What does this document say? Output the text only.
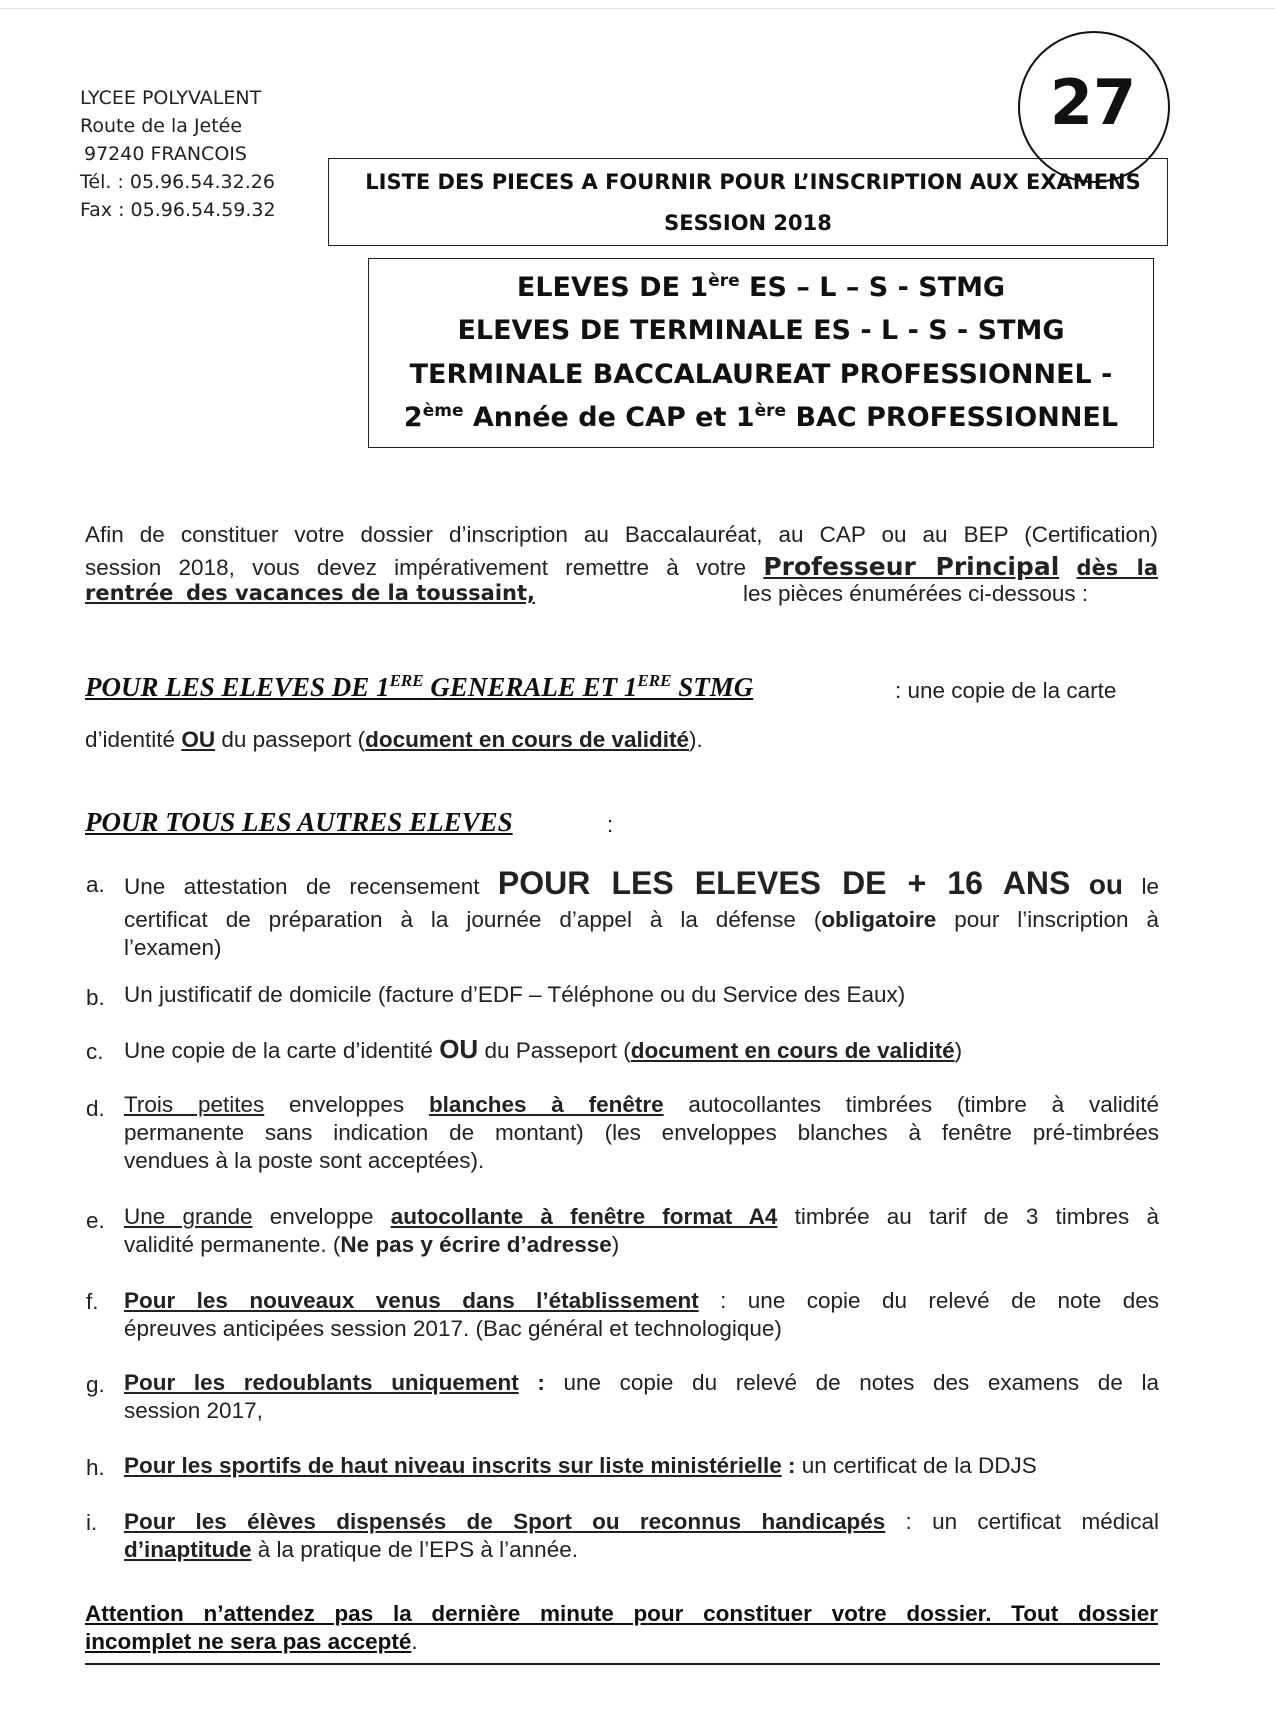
LYCEE POLYVALENT
Route de la Jetée
97240 FRANCOIS
Tél. : 05.96.54.32.26
Fax : 05.96.54.59.32
27
LISTE DES PIECES A FOURNIR POUR L’INSCRIPTION AUX EXAMENS
SESSION 2018
ELEVES DE 1ère ES – L – S - STMG
ELEVES DE TERMINALE ES - L - S - STMG
TERMINALE BACCALAUREAT PROFESSIONNEL -
2ème Année de CAP et 1ère BAC PROFESSIONNEL
Afin de constituer votre dossier d’inscription au Baccalauréat, au CAP ou au BEP (Certification)
session 2018, vous devez impérativement remettre à votre Professeur Principal dès la
rentrée des vacances de la toussaint,	les pièces énumérées ci-dessous :
POUR LES ELEVES DE 1ERE GENERALE ET 1ERE STMG	: une copie de la carte
d’identité OU du passeport (document en cours de validité).
POUR TOUS LES AUTRES ELEVES	:
a. Une attestation de recensement POUR LES ELEVES DE + 16 ANS ou le
certificat de préparation à la journée d’appel à la défense (obligatoire pour l’inscription à
l’examen)
b. Un justificatif de domicile (facture d’EDF – Téléphone ou du Service des Eaux)
c. Une copie de la carte d’identité OU du Passeport (document en cours de validité)
d. Trois petites enveloppes blanches à fenêtre autocollantes timbrées (timbre à validité
permanente sans indication de montant) (les enveloppes blanches à fenêtre pré-timbrées
vendues à la poste sont acceptées).
e. Une grande enveloppe autocollante à fenêtre format A4 timbrée au tarif de 3 timbres à
validité permanente. (Ne pas y écrire d’adresse)
f. Pour les nouveaux venus dans l’établissement : une copie du relevé de note des
épreuves anticipées session 2017. (Bac général et technologique)
g. Pour les redoublants uniquement : une copie du relevé de notes des examens de la
session 2017,
h. Pour les sportifs de haut niveau inscrits sur liste ministérielle : un certificat de la DDJS
i. Pour les élèves dispensés de Sport ou reconnus handicapés : un certificat médical
d’inaptitude à la pratique de l’EPS à l’année.
Attention n’attendez pas la dernière minute pour constituer votre dossier. Tout dossier
incomplet ne sera pas accepté.
